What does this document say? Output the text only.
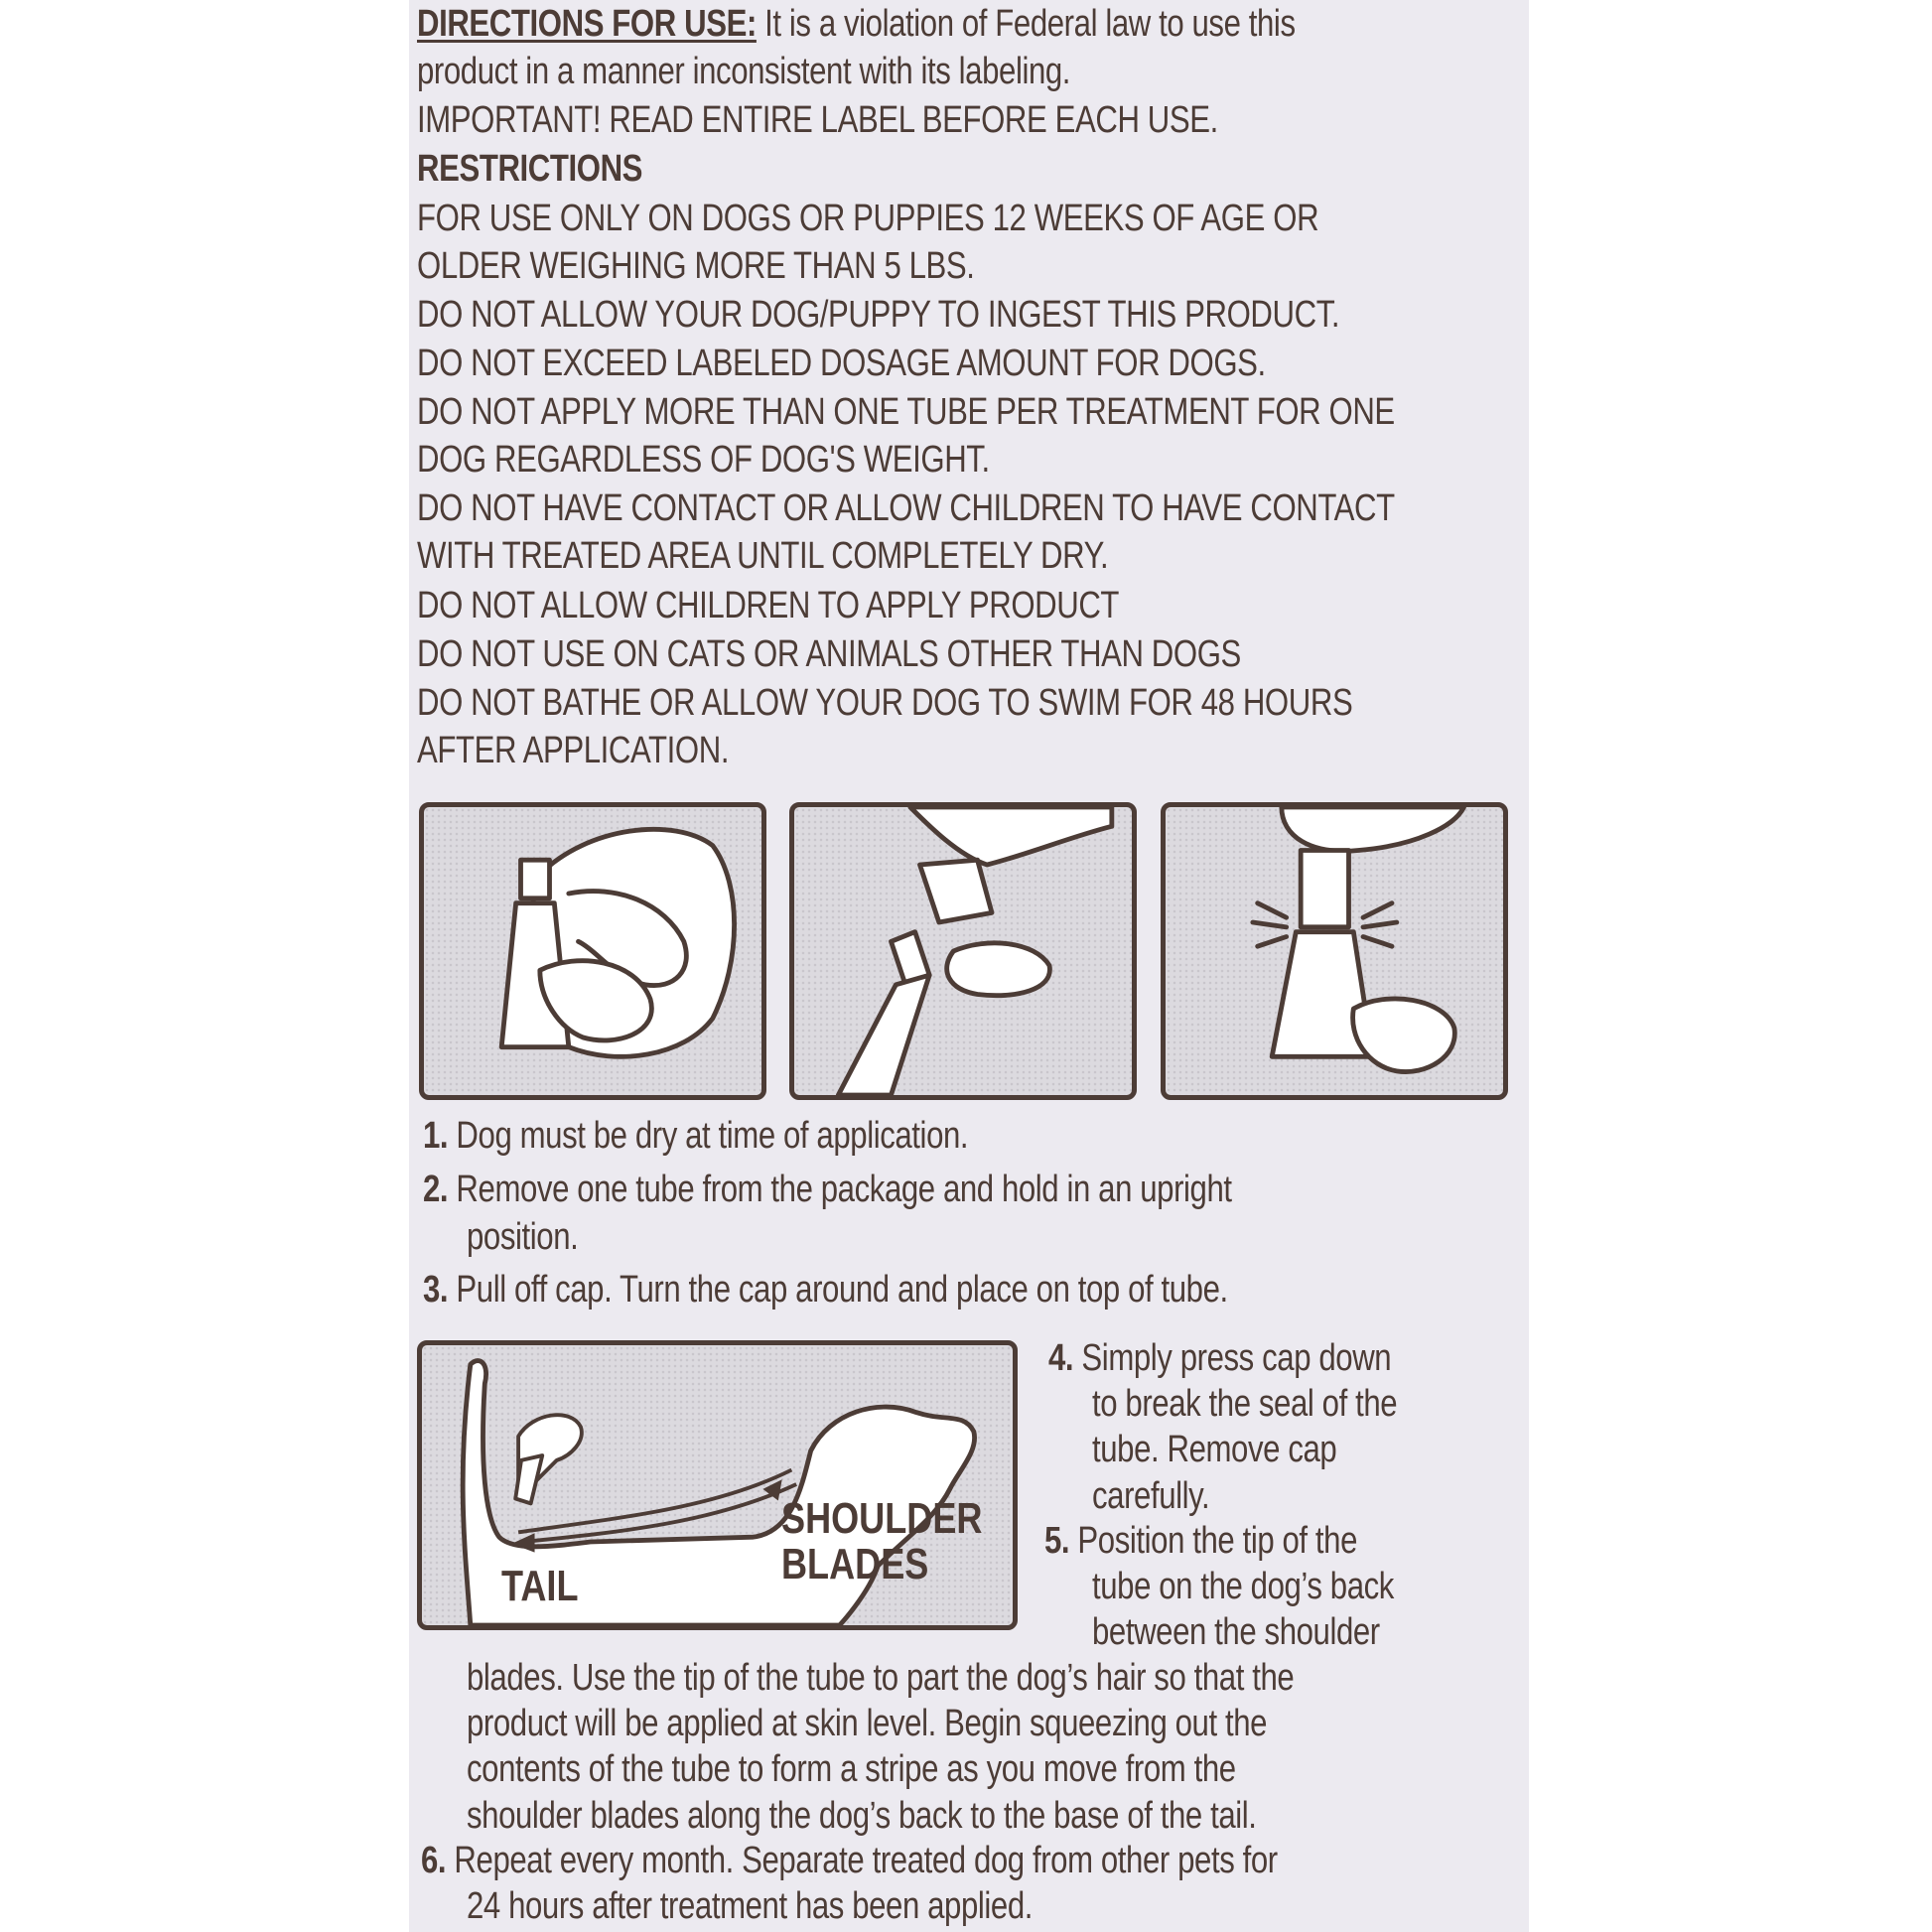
DIRECTIONS FOR USE: It is a violation of Federal law to use this
product in a manner inconsistent with its labeling.
IMPORTANT! READ ENTIRE LABEL BEFORE EACH USE.
RESTRICTIONS
FOR USE ONLY ON DOGS OR PUPPIES 12 WEEKS OF AGE OR
OLDER WEIGHING MORE THAN 5 LBS.
DO NOT ALLOW YOUR DOG/PUPPY TO INGEST THIS PRODUCT.
DO NOT EXCEED LABELED DOSAGE AMOUNT FOR DOGS.
DO NOT APPLY MORE THAN ONE TUBE PER TREATMENT FOR ONE
DOG REGARDLESS OF DOG'S WEIGHT.
DO NOT HAVE CONTACT OR ALLOW CHILDREN TO HAVE CONTACT
WITH TREATED AREA UNTIL COMPLETELY DRY.
DO NOT ALLOW CHILDREN TO APPLY PRODUCT
DO NOT USE ON CATS OR ANIMALS OTHER THAN DOGS
DO NOT BATHE OR ALLOW YOUR DOG TO SWIM FOR 48 HOURS
AFTER APPLICATION.
1. Dog must be dry at time of application.
2. Remove one tube from the package and hold in an upright
position.
3. Pull off cap. Turn the cap around and place on top of tube.
SHOULDER
BLADES
TAIL
4. Simply press cap down
to break the seal of the
tube. Remove cap
carefully.
5. Position the tip of the
tube on the dog’s back
between the shoulder
blades. Use the tip of the tube to part the dog’s hair so that the
product will be applied at skin level. Begin squeezing out the
contents of the tube to form a stripe as you move from the
shoulder blades along the dog’s back to the base of the tail.
6. Repeat every month. Separate treated dog from other pets for
24 hours after treatment has been applied.
